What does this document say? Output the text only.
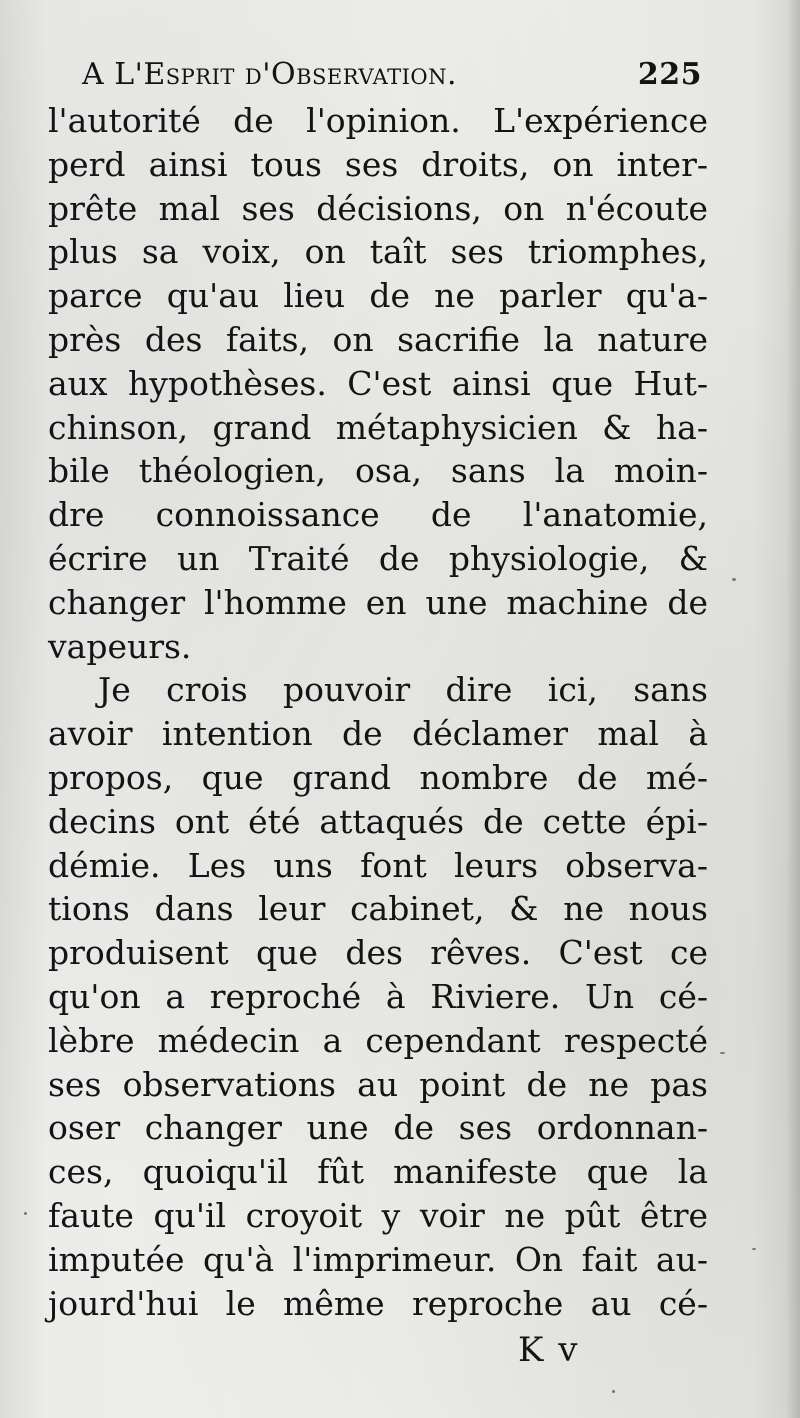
A L'Esprit d'Observation.	225
l'autorité de l'opinion. L'expérience
perd ainsi tous ses droits, on inter-
prête mal ses décisions, on n'écoute
plus sa voix, on taît ses triomphes,
parce qu'au lieu de ne parler qu'a-
près des faits, on sacrifie la nature
aux hypothèses. C'est ainsi que Hut-
chinson, grand métaphysicien & ha-
bile théologien, osa, sans la moin-
dre connoissance de l'anatomie,
écrire un Traité de physiologie, &
changer l'homme en une machine de
vapeurs.
Je crois pouvoir dire ici, sans
avoir intention de déclamer mal à
propos, que grand nombre de mé-
decins ont été attaqués de cette épi-
démie. Les uns font leurs observa-
tions dans leur cabinet, & ne nous
produisent que des rêves. C'est ce
qu'on a reproché à Riviere. Un cé-
lèbre médecin a cependant respecté
ses observations au point de ne pas
oser changer une de ses ordonnan-
ces, quoiqu'il fût manifeste que la
faute qu'il croyoit y voir ne pût être
imputée qu'à l'imprimeur. On fait au-
jourd'hui le même reproche au cé-
K v
